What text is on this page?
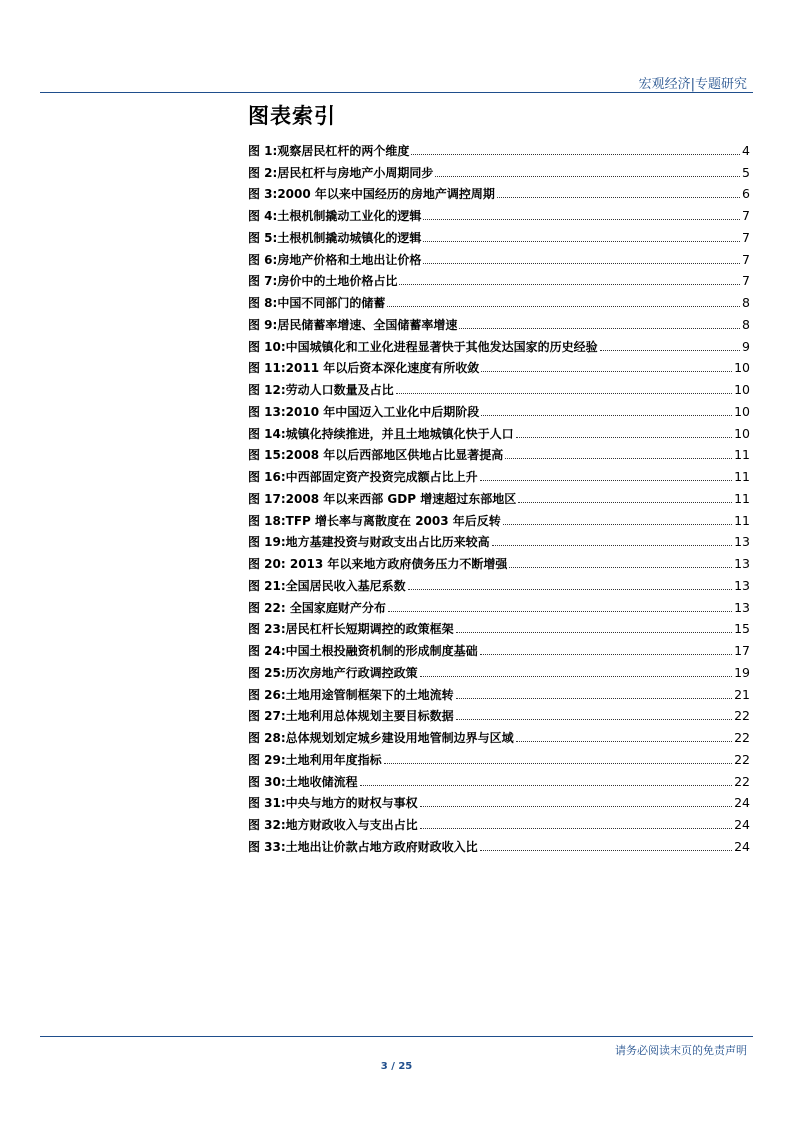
宏观经济|专题研究
图表索引
图 1:观察居民杠杆的两个维度	4
图 2:居民杠杆与房地产小周期同步	5
图 3:2000 年以来中国经历的房地产调控周期	6
图 4:土根机制撬动工业化的逻辑	7
图 5:土根机制撬动城镇化的逻辑	7
图 6:房地产价格和土地出让价格	7
图 7:房价中的土地价格占比	7
图 8:中国不同部门的储蓄	8
图 9:居民储蓄率增速、全国储蓄率增速	8
图 10:中国城镇化和工业化进程显著快于其他发达国家的历史经验	9
图 11:2011 年以后资本深化速度有所收敛	10
图 12:劳动人口数量及占比	10
图 13:2010 年中国迈入工业化中后期阶段	10
图 14:城镇化持续推进，并且土地城镇化快于人口	10
图 15:2008 年以后西部地区供地占比显著提高	11
图 16:中西部固定资产投资完成额占比上升	11
图 17:2008 年以来西部 GDP 增速超过东部地区	11
图 18:TFP 增长率与离散度在 2003 年后反转	11
图 19:地方基建投资与财政支出占比历来较高	13
图 20: 2013 年以来地方政府债务压力不断增强	13
图 21:全国居民收入基尼系数	13
图 22: 全国家庭财产分布	13
图 23:居民杠杆长短期调控的政策框架	15
图 24:中国土根投融资机制的形成制度基础	17
图 25:历次房地产行政调控政策	19
图 26:土地用途管制框架下的土地流转	21
图 27:土地利用总体规划主要目标数据	22
图 28:总体规划划定城乡建设用地管制边界与区域	22
图 29:土地利用年度指标	22
图 30:土地收储流程	22
图 31:中央与地方的财权与事权	24
图 32:地方财政收入与支出占比	24
图 33:土地出让价款占地方政府财政收入比	24
请务必阅读末页的免责声明
3 / 25
